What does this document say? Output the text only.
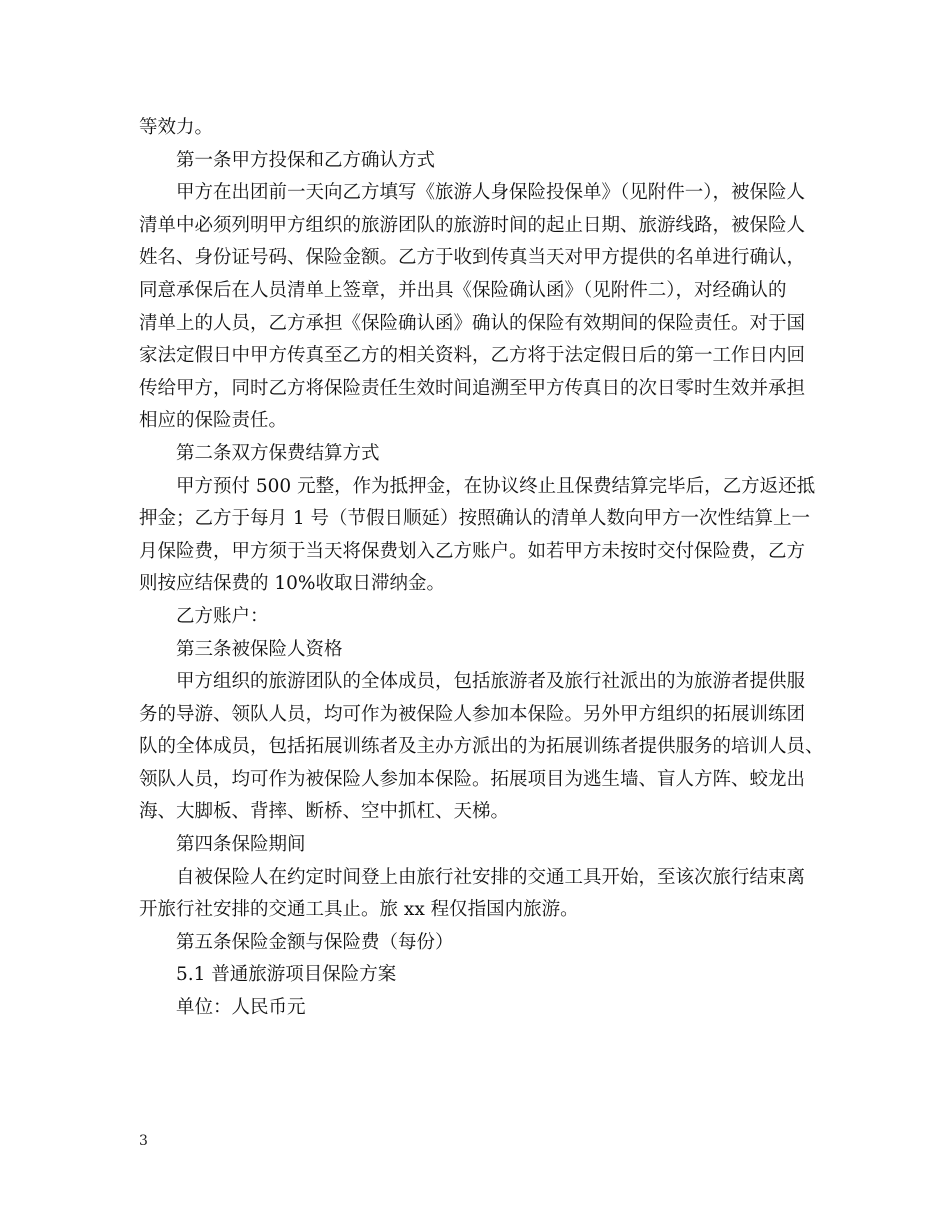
等效力。
第一条甲方投保和乙方确认方式
甲方在出团前一天向乙方填写《旅游人身保险投保单》（见附件一），被保险人
清单中必须列明甲方组织的旅游团队的旅游时间的起止日期、旅游线路，被保险人
姓名、身份证号码、保险金额。乙方于收到传真当天对甲方提供的名单进行确认，
同意承保后在人员清单上签章，并出具《保险确认函》（见附件二），对经确认的
清单上的人员，乙方承担《保险确认函》确认的保险有效期间的保险责任。对于国
家法定假日中甲方传真至乙方的相关资料，乙方将于法定假日后的第一工作日内回
传给甲方，同时乙方将保险责任生效时间追溯至甲方传真日的次日零时生效并承担
相应的保险责任。
第二条双方保费结算方式
甲方预付 500 元整，作为抵押金，在协议终止且保费结算完毕后，乙方返还抵
押金；乙方于每月 1 号（节假日顺延）按照确认的清单人数向甲方一次性结算上一
月保险费，甲方须于当天将保费划入乙方账户。如若甲方未按时交付保险费，乙方
则按应结保费的 10%收取日滞纳金。
乙方账户：
第三条被保险人资格
甲方组织的旅游团队的全体成员，包括旅游者及旅行社派出的为旅游者提供服
务的导游、领队人员，均可作为被保险人参加本保险。另外甲方组织的拓展训练团
队的全体成员，包括拓展训练者及主办方派出的为拓展训练者提供服务的培训人员、
领队人员，均可作为被保险人参加本保险。拓展项目为逃生墙、盲人方阵、蛟龙出
海、大脚板、背摔、断桥、空中抓杠、天梯。
第四条保险期间
自被保险人在约定时间登上由旅行社安排的交通工具开始，至该次旅行结束离
开旅行社安排的交通工具止。旅 xx 程仅指国内旅游。
第五条保险金额与保险费（每份）
5.1 普通旅游项目保险方案
单位：人民币元
3
